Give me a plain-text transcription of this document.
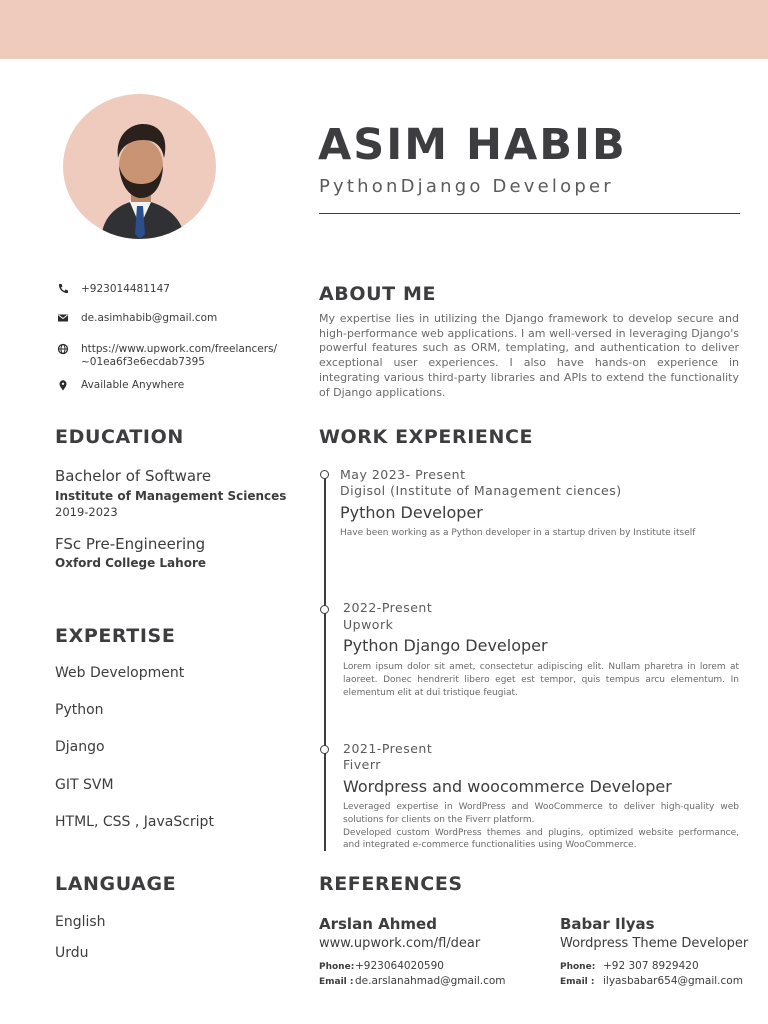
ASIM HABIB
PythonDjango Developer
+923014481147
de.asimhabib@gmail.com
https://www.upwork.com/freelancers/
~01ea6f3e6ecdab7395
Available Anywhere
ABOUT ME
My expertise lies in utilizing the Django framework to develop secure and high-performance web applications. I am well-versed in leveraging Django's powerful features such as ORM, templating, and authentication to deliver exceptional user experiences. I also have hands-on experience in integrating various third-party libraries and APIs to extend the functionality of Django applications.
EDUCATION
Bachelor of Software
Institute of Management Sciences
2019-2023
FSc Pre-Engineering
Oxford College Lahore
EXPERTISE
Web Development
Python
Django
GIT SVM
HTML, CSS , JavaScript
LANGUAGE
English
Urdu
WORK EXPERIENCE
May 2023- Present
Digisol (Institute of Management ciences)
Python Developer
Have been working as a Python developer in a startup driven by Institute itself
2022-Present
Upwork
Python Django Developer
Lorem ipsum dolor sit amet, consectetur adipiscing elit. Nullam pharetra in lorem at laoreet. Donec hendrerit libero eget est tempor, quis tempus arcu elementum. In elementum elit at dui tristique feugiat.
2021-Present
Fiverr
Wordpress and woocommerce Developer
Leveraged expertise in WordPress and WooCommerce to deliver high-quality web solutions for clients on the Fiverr platform.
Developed custom WordPress themes and plugins, optimized website performance, and integrated e-commerce functionalities using WooCommerce.
REFERENCES
Arslan Ahmed
www.upwork.com/fl/dear
Phone:+923064020590
Email :de.arslanahmad@gmail.com
Babar Ilyas
Wordpress Theme Developer
Phone: +92 307 8929420
Email : ilyasbabar654@gmail.com
